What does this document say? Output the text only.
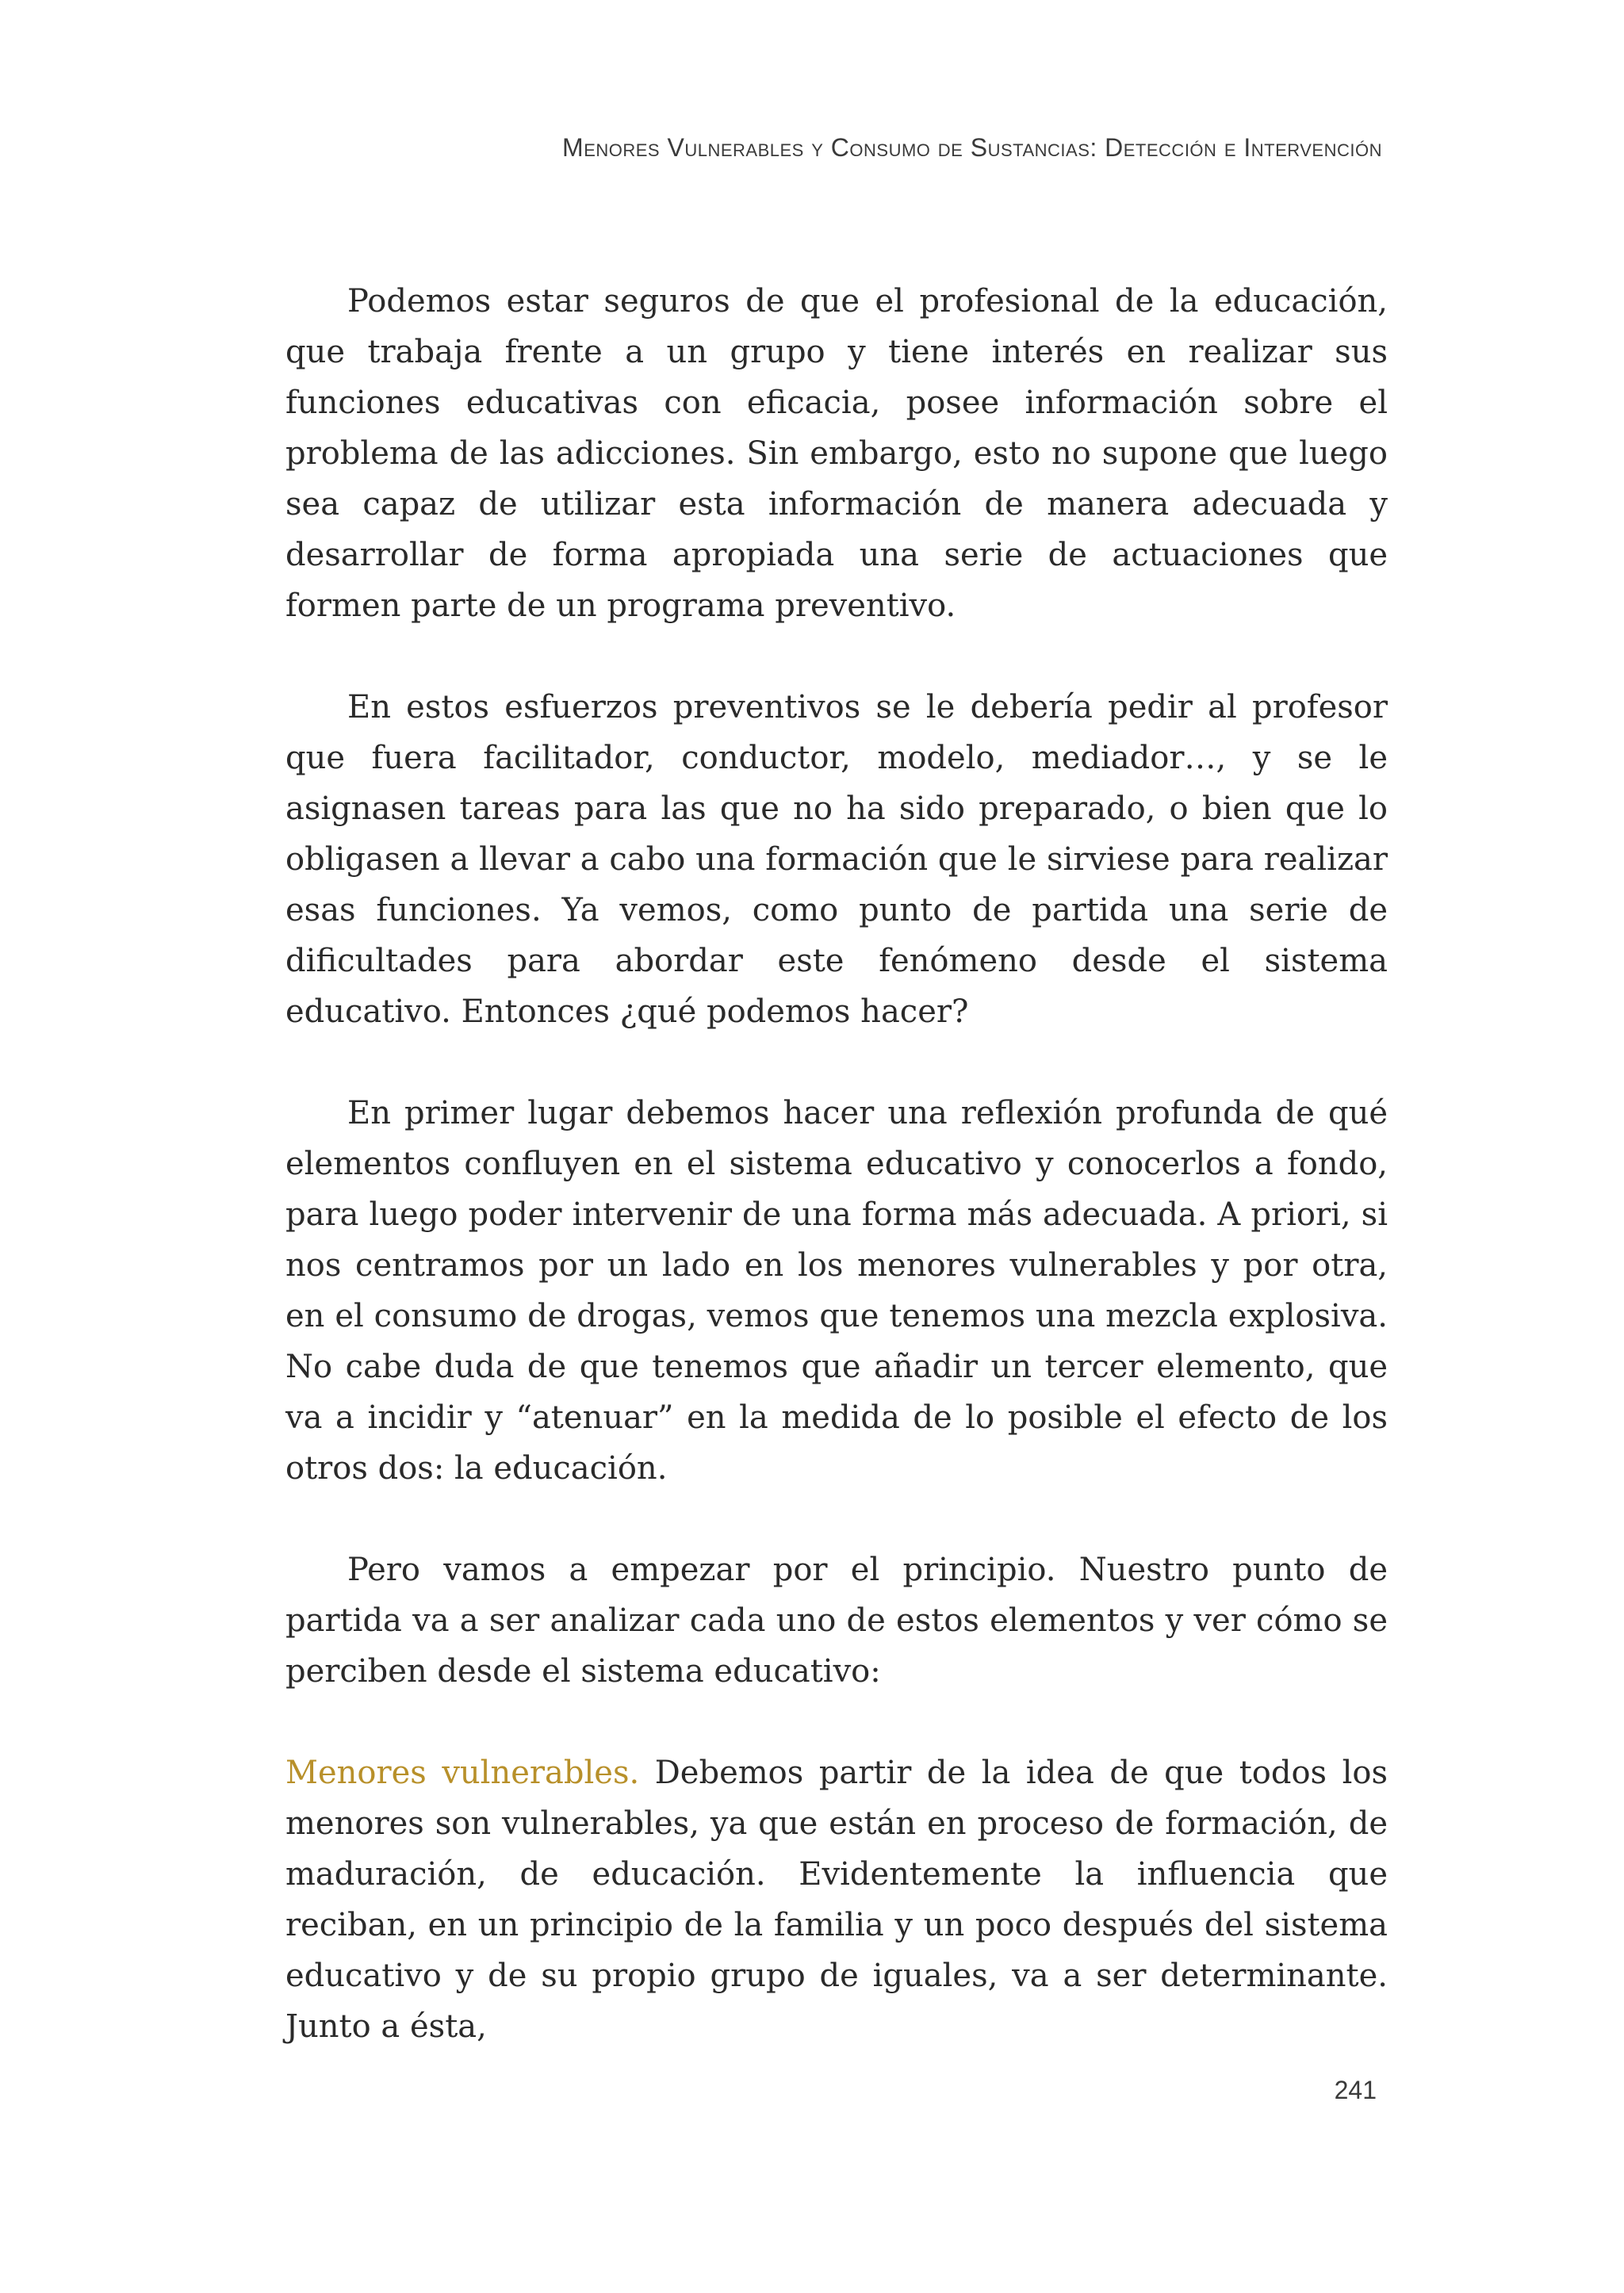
Menores Vulnerables y Consumo de Sustancias: Detección e Intervención

Podemos estar seguros de que el profesional de la educación, que trabaja frente a un grupo y tiene interés en realizar sus funciones educativas con eficacia, posee información sobre el problema de las adicciones. Sin embargo, esto no supone que luego sea capaz de utilizar esta información de manera adecuada y desarrollar de forma apropiada una serie de actuaciones que formen parte de un programa preventivo.

En estos esfuerzos preventivos se le debería pedir al profesor que fuera facilitador, conductor, modelo, mediador…, y se le asignasen tareas para las que no ha sido preparado, o bien que lo obligasen a llevar a cabo una formación que le sirviese para realizar esas funciones. Ya vemos, como punto de partida una serie de dificultades para abordar este fenómeno desde el sistema educativo. Entonces ¿qué podemos hacer?

En primer lugar debemos hacer una reflexión profunda de qué elementos confluyen en el sistema educativo y conocerlos a fondo, para luego poder intervenir de una forma más adecuada. A priori, si nos centramos por un lado en los menores vulnerables y por otra, en el consumo de drogas, vemos que tenemos una mezcla explosiva. No cabe duda de que tenemos que añadir un tercer elemento, que va a incidir y “atenuar” en la medida de lo posible el efecto de los otros dos: la educación.

Pero vamos a empezar por el principio. Nuestro punto de partida va a ser analizar cada uno de estos elementos y ver cómo se perciben desde el sistema educativo:

Menores vulnerables. Debemos partir de la idea de que todos los menores son vulnerables, ya que están en proceso de formación, de maduración, de educación. Evidentemente la influencia que reciban, en un principio de la familia y un poco después del sistema educativo y de su propio grupo de iguales, va a ser determinante. Junto a ésta,

241
